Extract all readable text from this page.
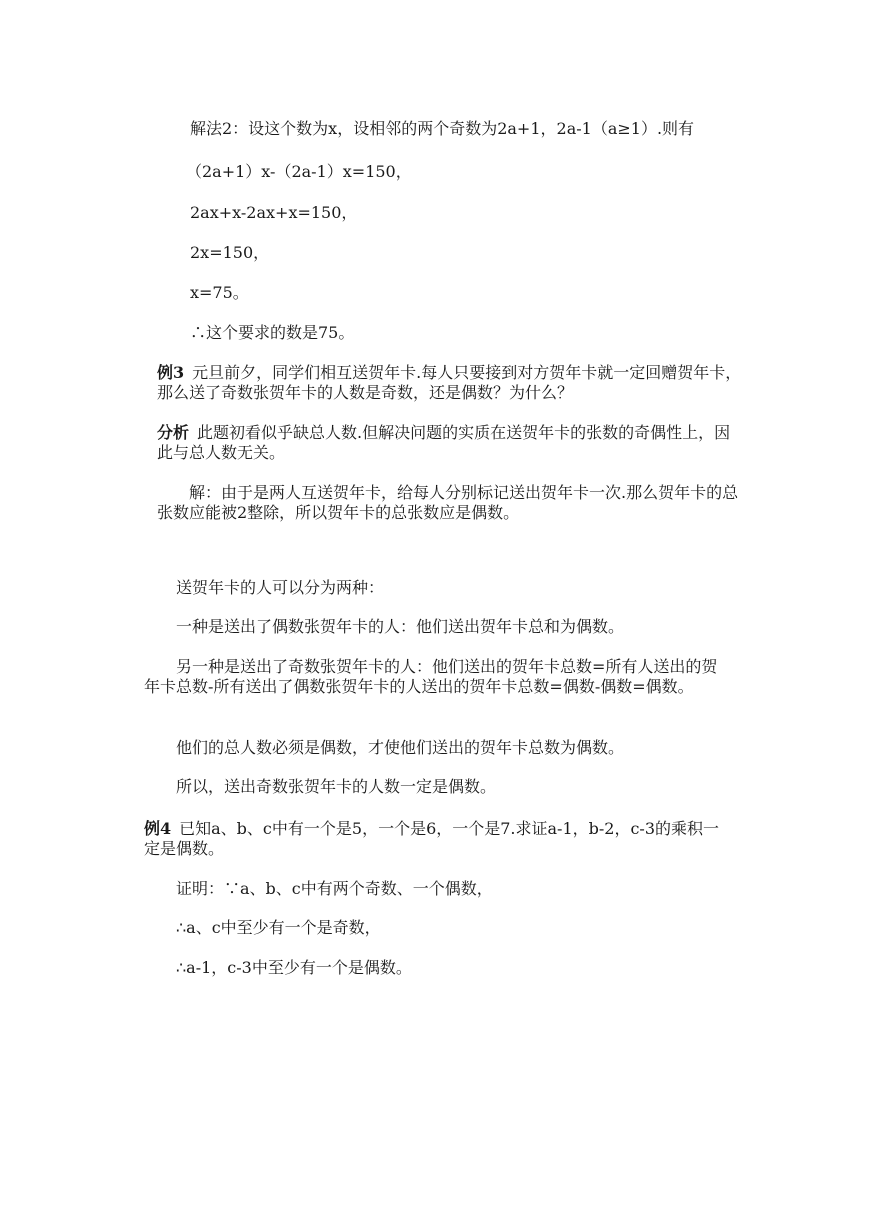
解法2：设这个数为x，设相邻的两个奇数为2a+1，2a-1（a≥1）.则有
（2a+1）x-（2a-1）x=150，
2ax+x-2ax+x=150，
2x=150，
x=75。
∴这个要求的数是75。
例3 元旦前夕，同学们相互送贺年卡.每人只要接到对方贺年卡就一定回赠贺年卡，那么送了奇数张贺年卡的人数是奇数，还是偶数？为什么？
分析 此题初看似乎缺总人数.但解决问题的实质在送贺年卡的张数的奇偶性上，因此与总人数无关。
解：由于是两人互送贺年卡，给每人分别标记送出贺年卡一次.那么贺年卡的总张数应能被2整除，所以贺年卡的总张数应是偶数。
送贺年卡的人可以分为两种：
一种是送出了偶数张贺年卡的人：他们送出贺年卡总和为偶数。
另一种是送出了奇数张贺年卡的人：他们送出的贺年卡总数=所有人送出的贺年卡总数-所有送出了偶数张贺年卡的人送出的贺年卡总数=偶数-偶数=偶数。
他们的总人数必须是偶数，才使他们送出的贺年卡总数为偶数。
所以，送出奇数张贺年卡的人数一定是偶数。
例4 已知a、b、c中有一个是5，一个是6，一个是7.求证a-1，b-2，c-3的乘积一定是偶数。
证明：∵a、b、c中有两个奇数、一个偶数，
∴a、c中至少有一个是奇数，
∴a-1，c-3中至少有一个是偶数。
